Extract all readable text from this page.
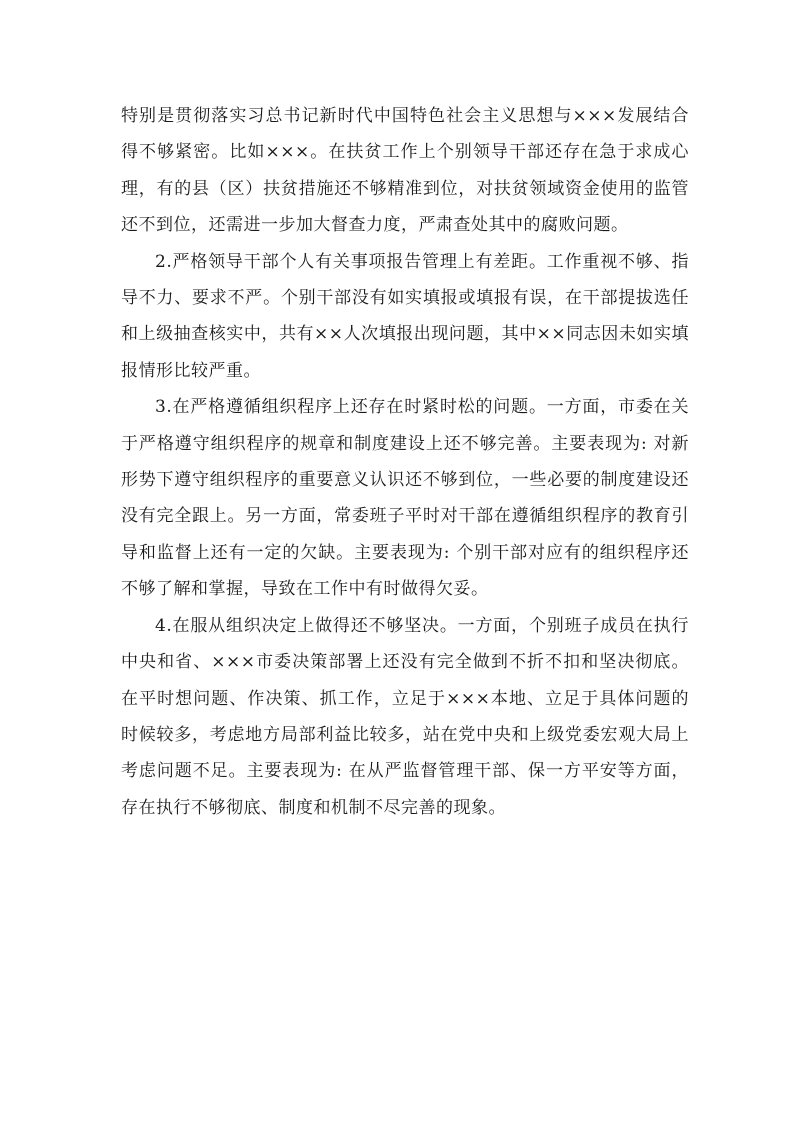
特别是贯彻落实习总书记新时代中国特色社会主义思想与×××发展结合得不够紧密。比如×××。在扶贫工作上个别领导干部还存在急于求成心理，有的县（区）扶贫措施还不够精准到位，对扶贫领域资金使用的监管还不到位，还需进一步加大督查力度，严肃查处其中的腐败问题。

2.严格领导干部个人有关事项报告管理上有差距。工作重视不够、指导不力、要求不严。个别干部没有如实填报或填报有误，在干部提拔选任和上级抽查核实中，共有××人次填报出现问题，其中××同志因未如实填报情形比较严重。

3.在严格遵循组织程序上还存在时紧时松的问题。一方面，市委在关于严格遵守组织程序的规章和制度建设上还不够完善。主要表现为: 对新形势下遵守组织程序的重要意义认识还不够到位，一些必要的制度建设还没有完全跟上。另一方面，常委班子平时对干部在遵循组织程序的教育引导和监督上还有一定的欠缺。主要表现为: 个别干部对应有的组织程序还不够了解和掌握，导致在工作中有时做得欠妥。

4.在服从组织决定上做得还不够坚决。一方面，个别班子成员在执行中央和省、×××市委决策部署上还没有完全做到不折不扣和坚决彻底。在平时想问题、作决策、抓工作，立足于×××本地、立足于具体问题的时候较多，考虑地方局部利益比较多，站在党中央和上级党委宏观大局上考虑问题不足。主要表现为: 在从严监督管理干部、保一方平安等方面，存在执行不够彻底、制度和机制不尽完善的现象。
